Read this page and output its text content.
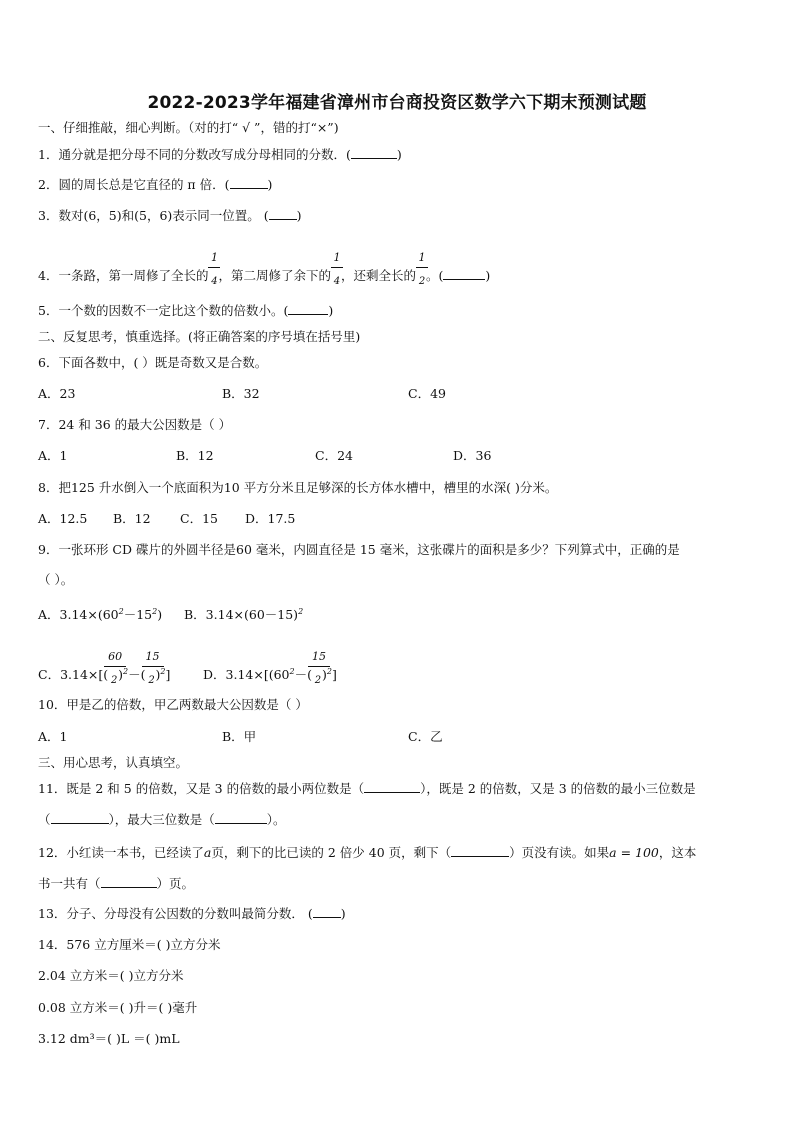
2022-2023学年福建省漳州市台商投资区数学六下期末预测试题
一、仔细推敲，细心判断。（对的打“ √ ”，错的打“×”)
1．通分就是把分母不同的分数改写成分母相同的分数．(	)
2．圆的周长总是它直径的 π 倍．(	)
3．数对(6，5)和(5，6)表示同一位置。 ( )
4．一条路，第一周修了全长的
$\frac{1}{4}$
，第二周修了余下的
$\frac{1}{4}$
，还剩全长的
$\frac{1}{2}$
。(	)
5．一个数的因数不一定比这个数的倍数小。(	)
二、反复思考，慎重选择。(将正确答案的序号填在括号里)
6．下面各数中，( ）既是奇数又是合数。
A．23	B．32	C．49
7．24 和 36 的最大公因数是（ ）
A．1	B．12	C．24	D．36
8．把125 升水倒入一个底面积为10 平方分米且足够深的长方体水槽中，槽里的水深( )分米。
A．12.5 B．12 C．15 D．17.5
9．一张环形 CD 碟片的外圆半径是60 毫米，内圆直径是 15 毫米，这张碟片的面积是多少？下列算式中，正确的是
（ ）。
A．$3.14\times(60^2-15^2)$ B．$3.14\times(60-15)^2$
C．3.14×[(
$\frac{60}{2}$
)$^2$－(
$\frac{15}{2}$
)$^2$]	D．$3.14\times[(60^2-$(
$\frac{15}{2}$
)$^2$]
10．甲是乙的倍数，甲乙两数最大公因数是（ ）
A．1	B．甲	C．乙
三、用心思考，认真填空。
11．既是 2 和 5 的倍数，又是 3 的倍数的最小两位数是（	），既是 2 的倍数，又是 3 的倍数的最小三位数是
（	），最大三位数是（	）。
12．小红读一本书，已经读了a页，剩下的比已读的 2 倍少 40 页，剩下（	）页没有读。如果a = 100，这本
书一共有（	）页。
13．分子、分母没有公因数的分数叫最简分数． ( )
14．576 立方厘米＝( )立方分米
2.04 立方米＝( )立方分米
0.08 立方米＝( )升＝( )毫升
3.12 dm³＝( )L ＝( )mL
